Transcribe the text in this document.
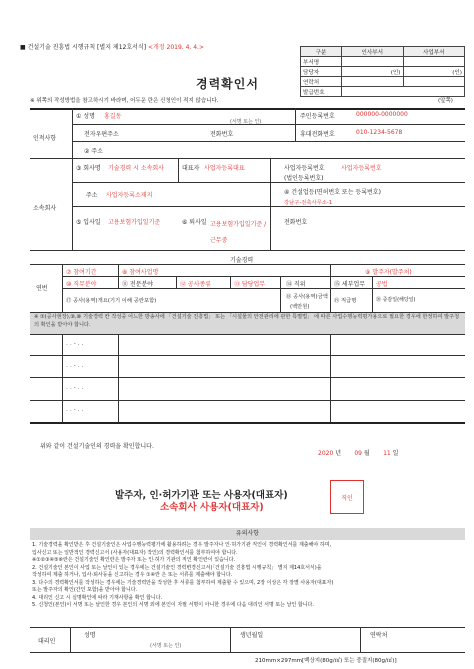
■ 건설기술 진흥법 시행규칙 [별지 제12호서식] <개정 2019. 4. 4.>
구분	인사부서	사업부서
부서명		
담당자	(인)	(인)
연락처		
발급번호		
경력확인서
※ 위쪽의 작성방법을 참고하시기 바라며, 어두운 란은 신청인이 적지 않습니다.	(앞쪽)
인적사항
① 성명 홍길동
(서명 또는 인)
주민등록번호	000000-0000000
전자우편주소	전화번호	휴대전화번호	010-1234-5678
② 주소
소속회사
③ 회사명 기술경력 시 소속회사	대표자 사업자등록대표	사업자등록번호	사업자등록번호
(법인등록번호)
주소 사업자등록소재지	④ 건설업등(면허번호 또는 등록번호)
강남구-전축사무소-1
⑤ 입사일 고용보험가입일기준	⑥ 퇴사일 고용보험가입일기준 / 근무중
전화번호
기술경력
연번
⑦ 참여기간	⑧ 참여사업명	⑨ 발주자(발주처)
⑩ 직무분야	⑪ 전문분야	⑫ 공사종류	⑬ 담당업무	⑭ 직위	⑮ 세부업무 공법
⑰ 공사(용역)개요(기기 이해 공란포함)
⑱ 공사(용역)금액
(백만원)
⑲ 직급명	⑳ 증감일(해당일)
※ ⑦(공사현장),⑨,⑩ 기술경력 칸 작성중 어느한 방송사에 「건설기술 진흥법」 또는 「시설물의 안전관리에 관한 특별법」 에 따른 사업수행능력평가용으로 필요한 경우에 한정하여 발주청의 확인을 받아야 합니다.
. . - . .
. . - . .
. . - . .
. . - . .
위와 같이 건설기술인의 경력을 확인합니다.
2020 년 09 월 11 일
발주자, 인·허가기관 또는 사용자(대표자)
소속회사 사용자(대표자)
직인
유의사항
1. 기술경력을 확인받은 후 건설기술인은 사업수행능력평가에 활용하려는 경우 발주자나 인·허가기관 직인이 경력확인서를 제출해야 하며,
입사신고 또는 일반적인 경력신고서 (사용자(대표자) 작인)의 경력확인서를 첨부하여야 합니다.
※①②③④⑤⑥란은 건설기술인 확인란은 발주자 또는 인·허가 기관의 직인 확인란이 있습니다.
2. 건설기술인 본인이 사업 또는 날인이 있는 경우에는 건설기술인 경력변경신고서(「건설기술 진흥법 시행규칙」 별지 제14호서식)을
작성하여 제출 하거나, 입사·퇴사등을 신고하는 경우 ①④란 은 또는 서류를 제출해야 합니다.
3. 다수의 경력확인서를 작성하는 경우에는 기술경력만을 작성한 후 서류를 첨부하여 제출할 수 있으며, 2장 이상은 각 장별 사용자(대표자)
또는 발주자의 확인(간인 포함)을 받아야 합니다.
4. 대리인 신고 시 실명확인에 따라 기재사항을 확인 합니다.
5. 신청인(본인)이 서명 또는 날인한 경우 본인의 서명 외에 본인이 자필 서명이 아니한 경우에 다음 대리인 서명 또는 날인 합니다.
대리인
성명
(서명 또는 인)
생년월일	연락처
210mm×297mm[백상지(80g/㎡) 또는 중질지(80g/㎡)]
